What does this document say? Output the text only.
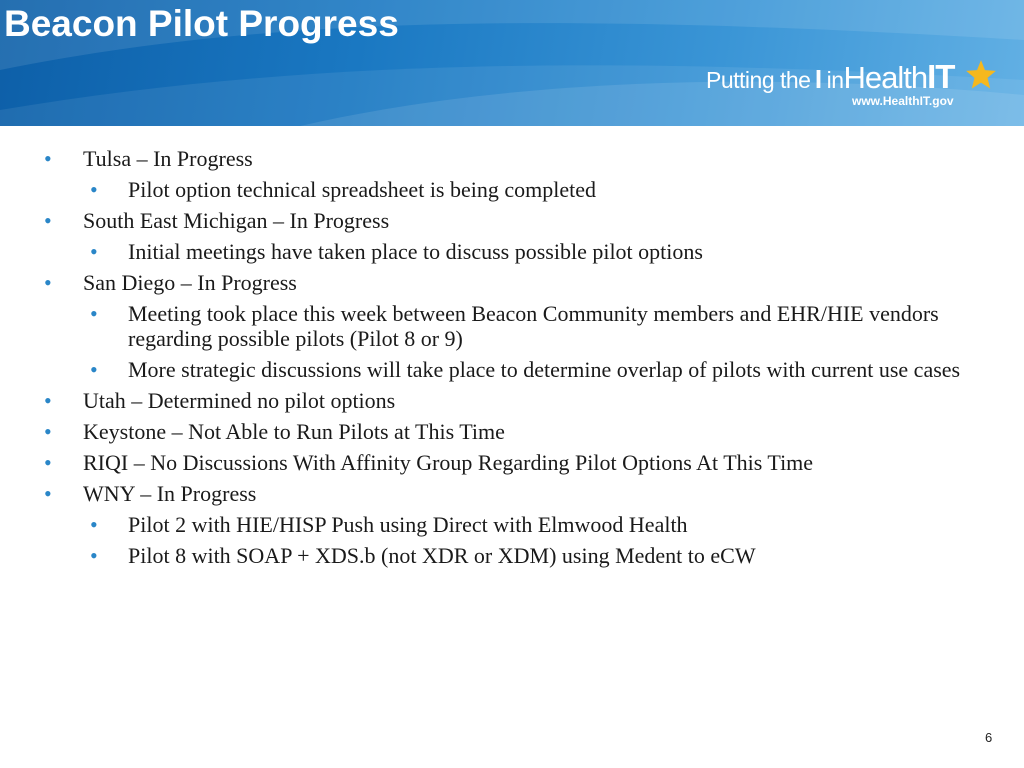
Beacon Pilot Progress
Putting the I inHealthIT
www.HealthIT.gov
• Tulsa – In Progress
• Pilot option technical spreadsheet is being completed
• South East Michigan – In Progress
• Initial meetings have taken place to discuss possible pilot options
• San Diego – In Progress
• Meeting took place this week between Beacon Community members and EHR/HIE vendors regarding possible pilots (Pilot 8 or 9)
• More strategic discussions will take place to determine overlap of pilots with current use cases
• Utah – Determined no pilot options
• Keystone – Not Able to Run Pilots at This Time
• RIQI – No Discussions With Affinity Group Regarding Pilot Options At This Time
• WNY – In Progress
• Pilot 2 with HIE/HISP Push using Direct with Elmwood Health
• Pilot 8 with SOAP + XDS.b (not XDR or XDM) using Medent to eCW
6
